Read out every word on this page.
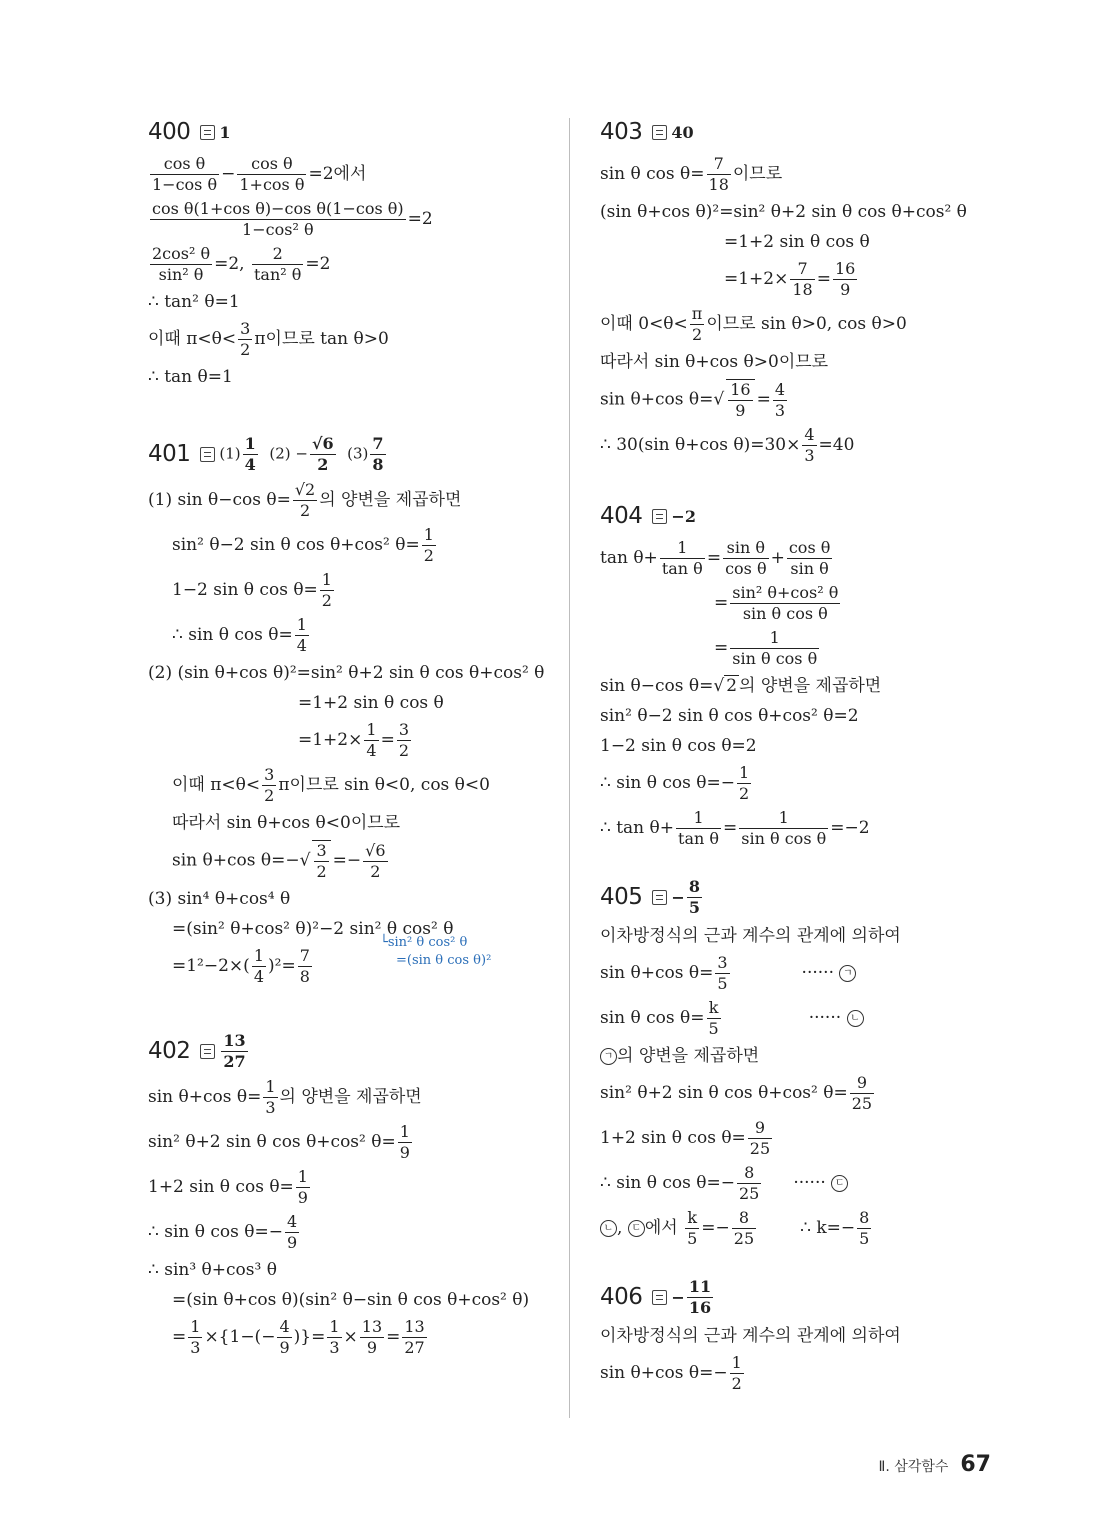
400 1
$\frac{\text{cos θ}}{\text{1−cos θ}} - \frac{\text{cos θ}}{\text{1+cos θ}} =2$에서
$\frac{\text{cos θ(1+cos θ)−cos θ(1−cos θ)}}{\text{1−cos² θ}} =2$
$\frac{\text{2cos² θ}}{\text{sin² θ}} =2$, $\frac{2}{\text{tan² θ}} =2$
∴ tan² θ=1
이때 $\pi<\theta< \frac{3}{2}$ π이므로 tan θ>0
∴ tan θ=1
401 $(1) \frac{1}{4} (2) - \frac{√6}{2} (3) \frac{7}{8}$
(1) sin θ−cos $\theta= \frac{√2}{2}$ 의 양변을 제곱하면
sin² θ−2 sin θ cos θ+cos² $\theta= \frac{1}{2}$
1−2 sin θ $\cos \theta= \frac{1}{2}$
∴ sin θ $\cos \theta= \frac{1}{4}$
(2) (sin θ+cos θ)²=sin² θ+2 sin θ cos θ+cos² θ
=1+2 sin θ cos θ
$=1+2\times \frac{1}{4} = \frac{3}{2}$
이때 $\pi<\theta< \frac{3}{2}$ π이므로 sin θ<0, cos θ<0
따라서 sin θ+cos θ<0이므로
sin θ+cos $\theta=-√ \frac{3}{2} =- \frac{√6}{2}$
(3) sin⁴ θ+cos⁴ θ
=(sin² θ+cos² θ)²−2 sin² θ cos² θ
$=1^2-2\times( \frac{1}{4} )^2= \frac{7}{8}$
└sin² θ cos² θ
=(sin θ cos θ)²
$402 \frac{13}{27}$
sin θ+cos $\theta= \frac{1}{3}$ 의 양변을 제곱하면
sin² θ+2 sin θ cos θ+cos² $\theta= \frac{1}{9}$
1+2 sin θ $\cos \theta= \frac{1}{9}$
∴ sin θ $\cos \theta=- \frac{4}{9}$
∴ sin³ θ+cos³ θ
=(sin θ+cos θ)(sin² θ−sin θ cos θ+cos² θ)
= $\frac{1}{3} \times\{1-(- \frac{4}{9}$ )}= $\frac{1}{3} \times \frac{13}{9} = \frac{13}{27}$
403 40
sin θ $\cos \theta= \frac{7}{18}$ 이므로
(sin θ+cos θ)²=sin² θ+2 sin θ cos θ+cos² θ
=1+2 sin θ cos θ
$=1+2\times \frac{7}{18} = \frac{16}{9}$
이때 $0<\theta< \frac{\pi}{2}$ 이므로 sin θ>0, cos θ>0
따라서 sin θ+cos θ>0이므로
sin θ+cos $\theta=√ \frac{16}{9} = \frac{4}{3}$
∴ 30(sin θ+cos $\theta)=30\times \frac{4}{3} =40$
404 −2
$\tan \theta+ \frac{1}{\text{tan θ}} = \frac{\text{sin θ}}{\text{cos θ}} + \frac{\text{cos θ}}{\text{sin θ}}$
= $\frac{\text{sin² θ+cos² θ}}{\text{sin θ cos θ}}$
= $\frac{1}{\text{sin θ cos θ}}$
sin θ−cos θ=√ 2 의 양변을 제곱하면
sin² θ−2 sin θ cos θ+cos² θ=2
1−2 sin θ cos θ=2
∴ sin θ $\cos \theta=- \frac{1}{2}$
∴ $\tan \theta+ \frac{1}{\text{tan θ}} = \frac{1}{\text{sin θ cos θ}} =-2$
$405 - \frac{8}{5}$
이차방정식의 근과 계수의 관계에 의하여
sin θ+cos $\theta= \frac{3}{5}$	······ ㄱ
sin θ $\cos \theta= \frac{k}{5}$	······ ㄴ
ㄱ 의 양변을 제곱하면
sin² θ+2 sin θ cos θ+cos² $\theta= \frac{9}{25}$
1+2 sin θ $\cos \theta= \frac{9}{25}$
∴ sin θ $\cos \theta=- \frac{8}{25}$ ······ ㄷ
ㄴ , ㄷ 에서 $\frac{k}{5} =- \frac{8}{25}$	∴ $k=- \frac{8}{5}$
$406 - \frac{11}{16}$
이차방정식의 근과 계수의 관계에 의하여
sin θ+cos $\theta=- \frac{1}{2}$
Ⅱ. 삼각함수 67
